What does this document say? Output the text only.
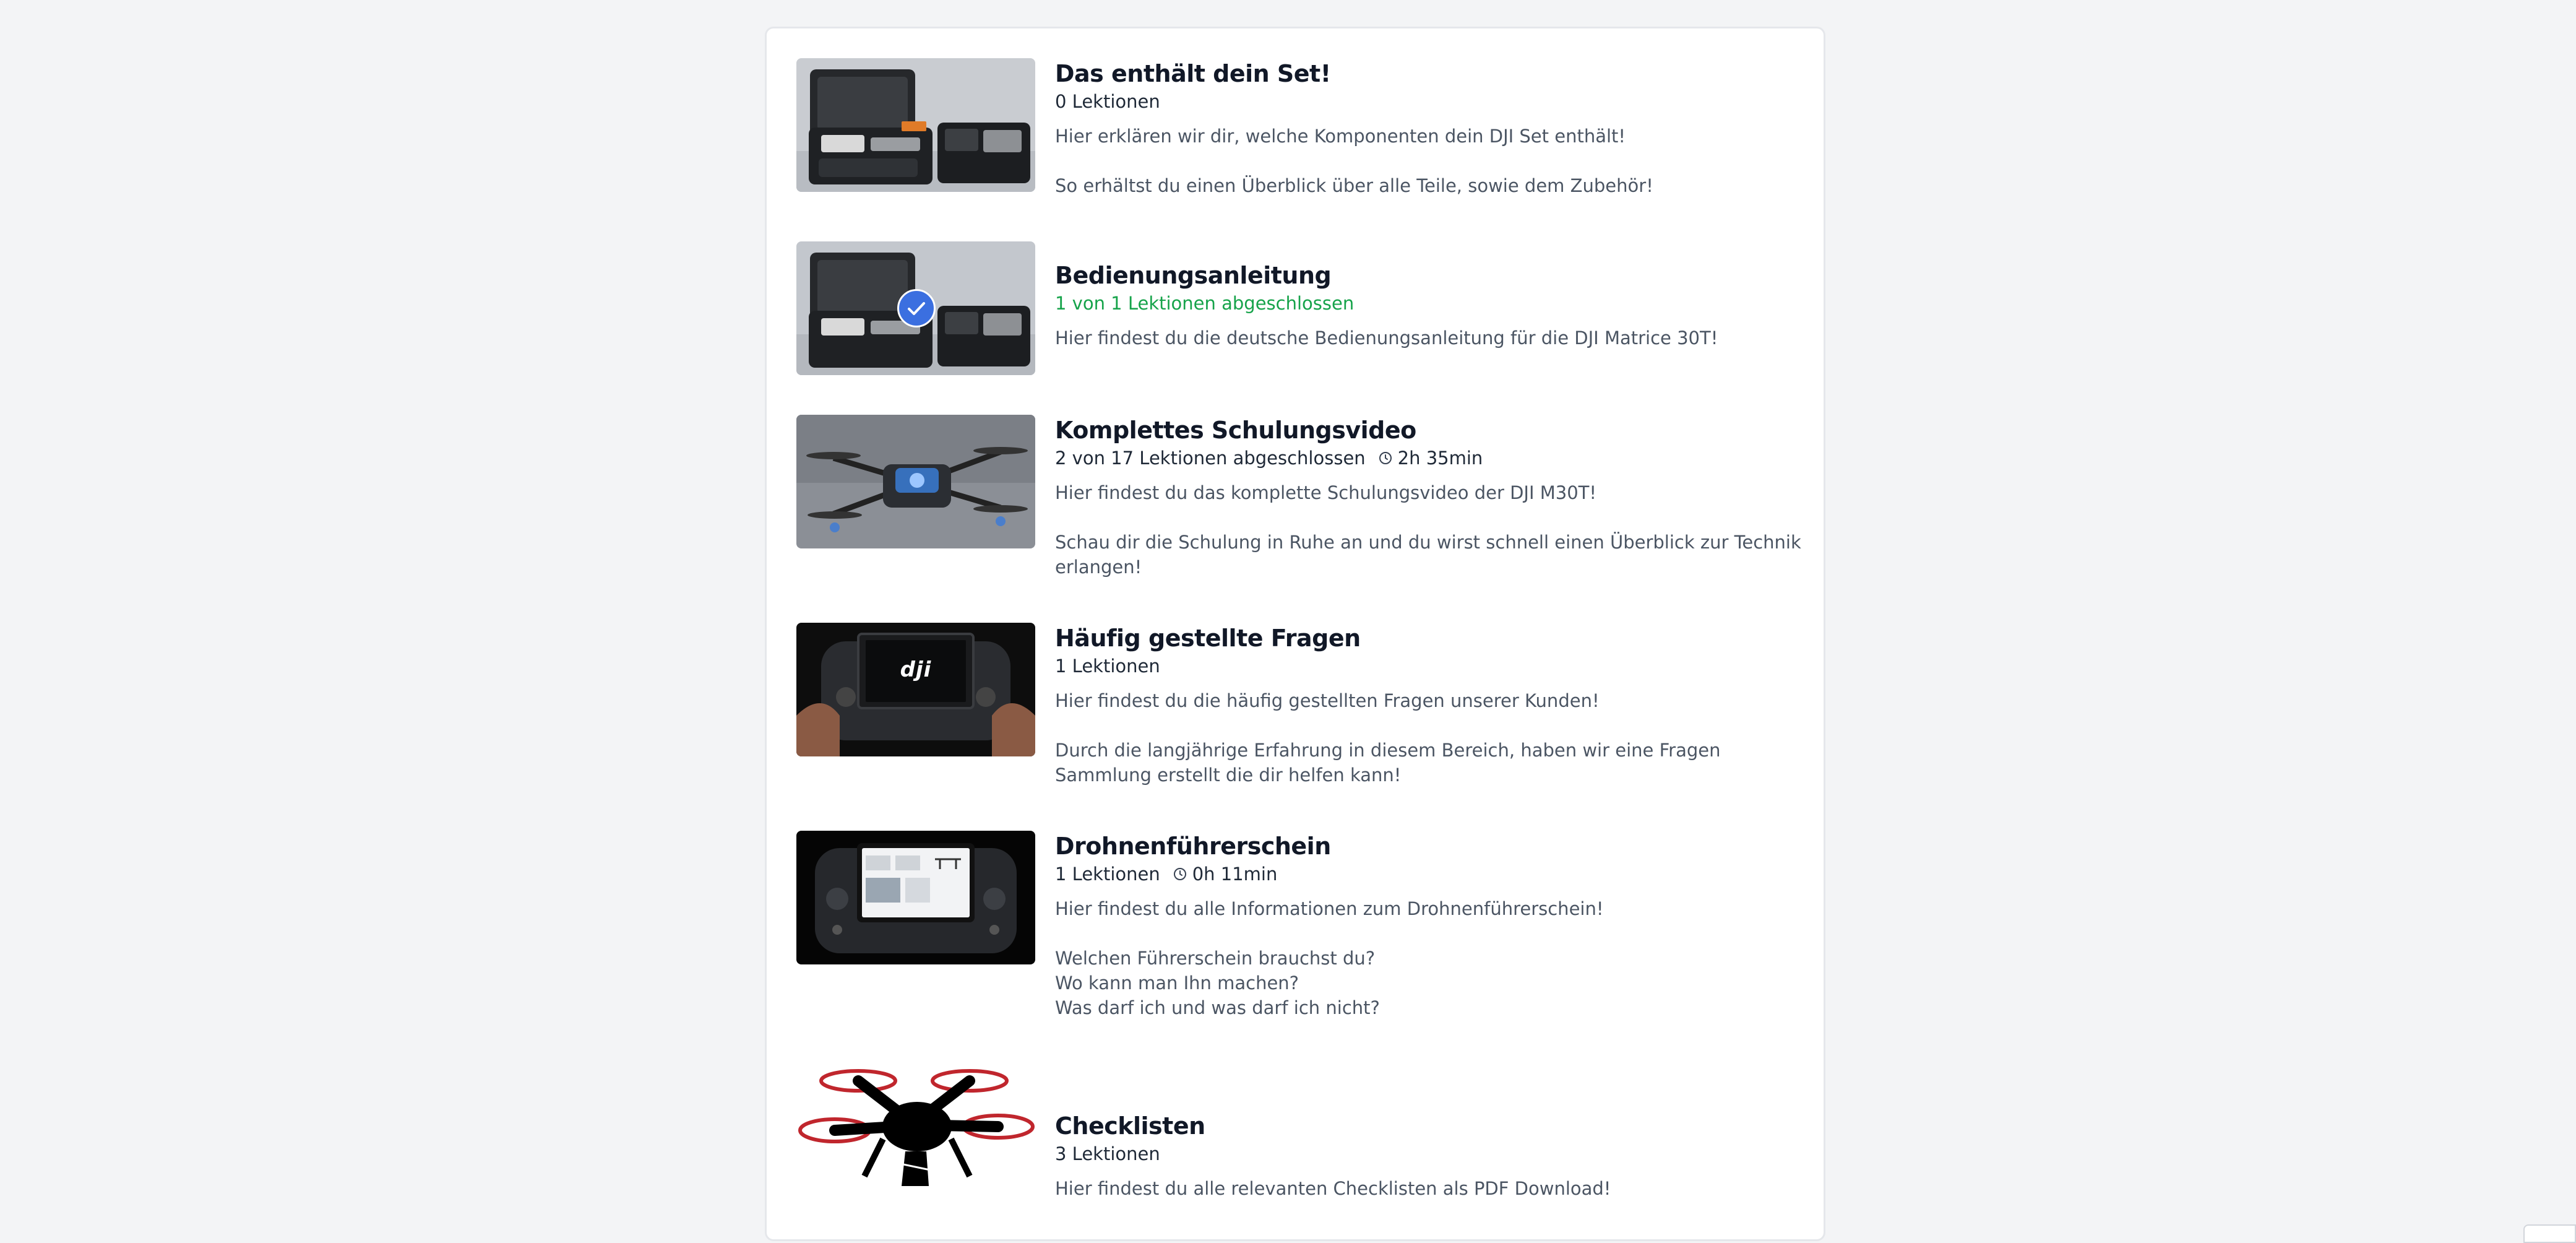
Das enthält dein Set!
0 Lektionen
Hier erklären wir dir, welche Komponenten dein DJI Set enthält!

So erhältst du einen Überblick über alle Teile, sowie dem Zubehör!
Bedienungsanleitung
1 von 1 Lektionen abgeschlossen
Hier findest du die deutsche Bedienungsanleitung für die DJI Matrice 30T!
Komplettes Schulungsvideo
2 von 17 Lektionen abgeschlossen 2h 35min
Hier findest du das komplette Schulungsvideo der DJI M30T!

Schau dir die Schulung in Ruhe an und du wirst schnell einen Überblick zur Technik erlangen!
dji
Häufig gestellte Fragen
1 Lektionen
Hier findest du die häufig gestellten Fragen unserer Kunden!

Durch die langjährige Erfahrung in diesem Bereich, haben wir eine Fragen Sammlung erstellt die dir helfen kann!
Drohnenführerschein
1 Lektionen 0h 11min
Hier findest du alle Informationen zum Drohnenführerschein!

Welchen Führerschein brauchst du?
Wo kann man Ihn machen?
Was darf ich und was darf ich nicht?
Checklisten
3 Lektionen
Hier findest du alle relevanten Checklisten als PDF Download!
